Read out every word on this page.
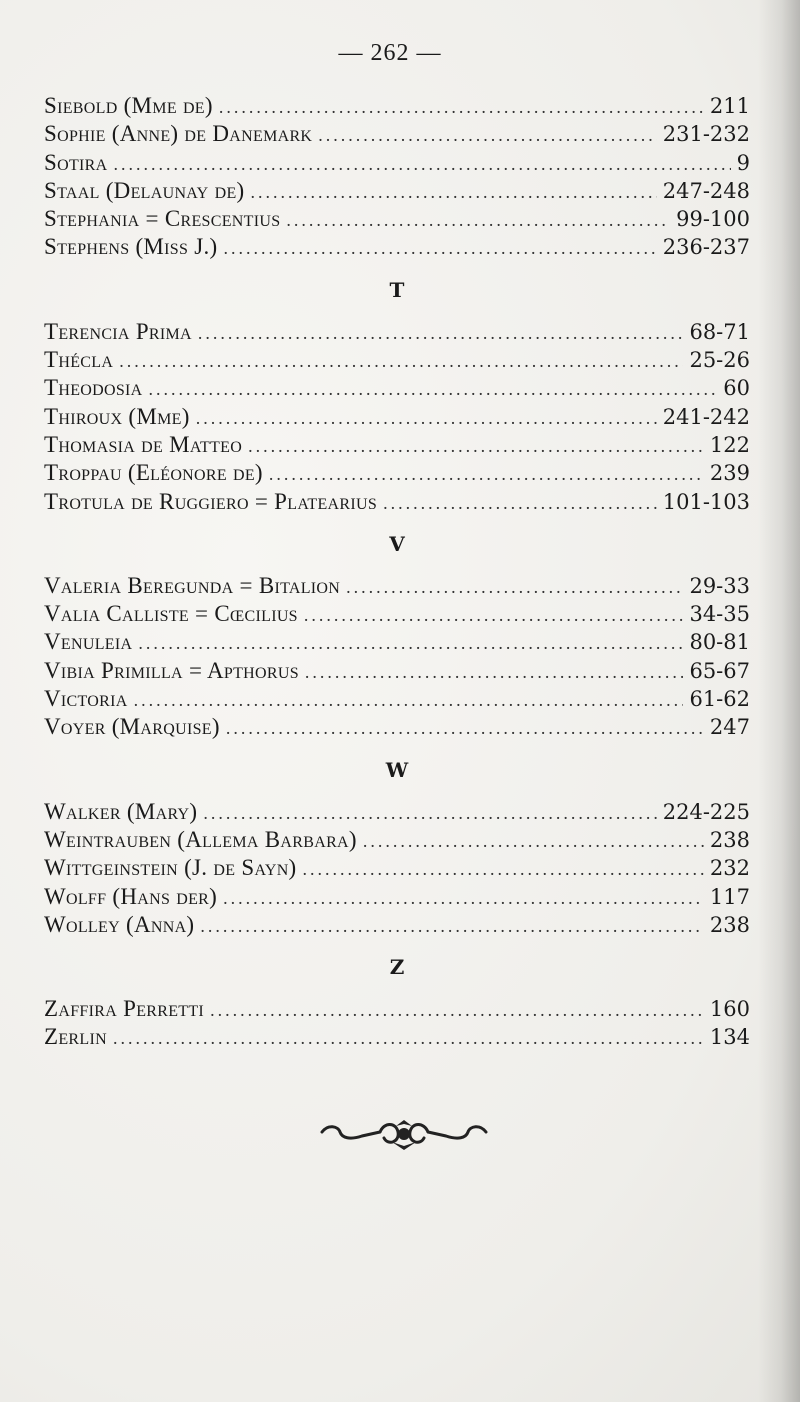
— 262 —
Siebold (Mme de) .....	211
Sophie (Anne) de Danemark .....	231-232
Sotira .....	9
Staal (Delaunay de) .....	247-248
Stephania = Crescentius .....	99-100
Stephens (Miss J.) .....	236-237
T
Terencia Prima .....	68-71
Thécla .....	25-26
Theodosia .....	60
Thiroux (Mme) .....	241-242
Thomasia de Matteo .....	122
Troppau (Eléonore de) .....	239
Trotula de Ruggiero = Platearius .....	101-103
V
Valeria Beregunda = Bitalion .....	29-33
Valia Calliste = Cœcilius .....	34-35
Venuleia .....	80-81
Vibia Primilla = Apthorus .....	65-67
Victoria .....	61-62
Voyer (Marquise) .....	247
W
Walker (Mary) .....	224-225
Weintrauben (Allema Barbara) .....	238
Wittgeinstein (J. de Sayn) .....	232
Wolff (Hans der) .....	117
Wolley (Anna) .....	238
Z
Zaffira Perretti .....	160
Zerlin .....	134
